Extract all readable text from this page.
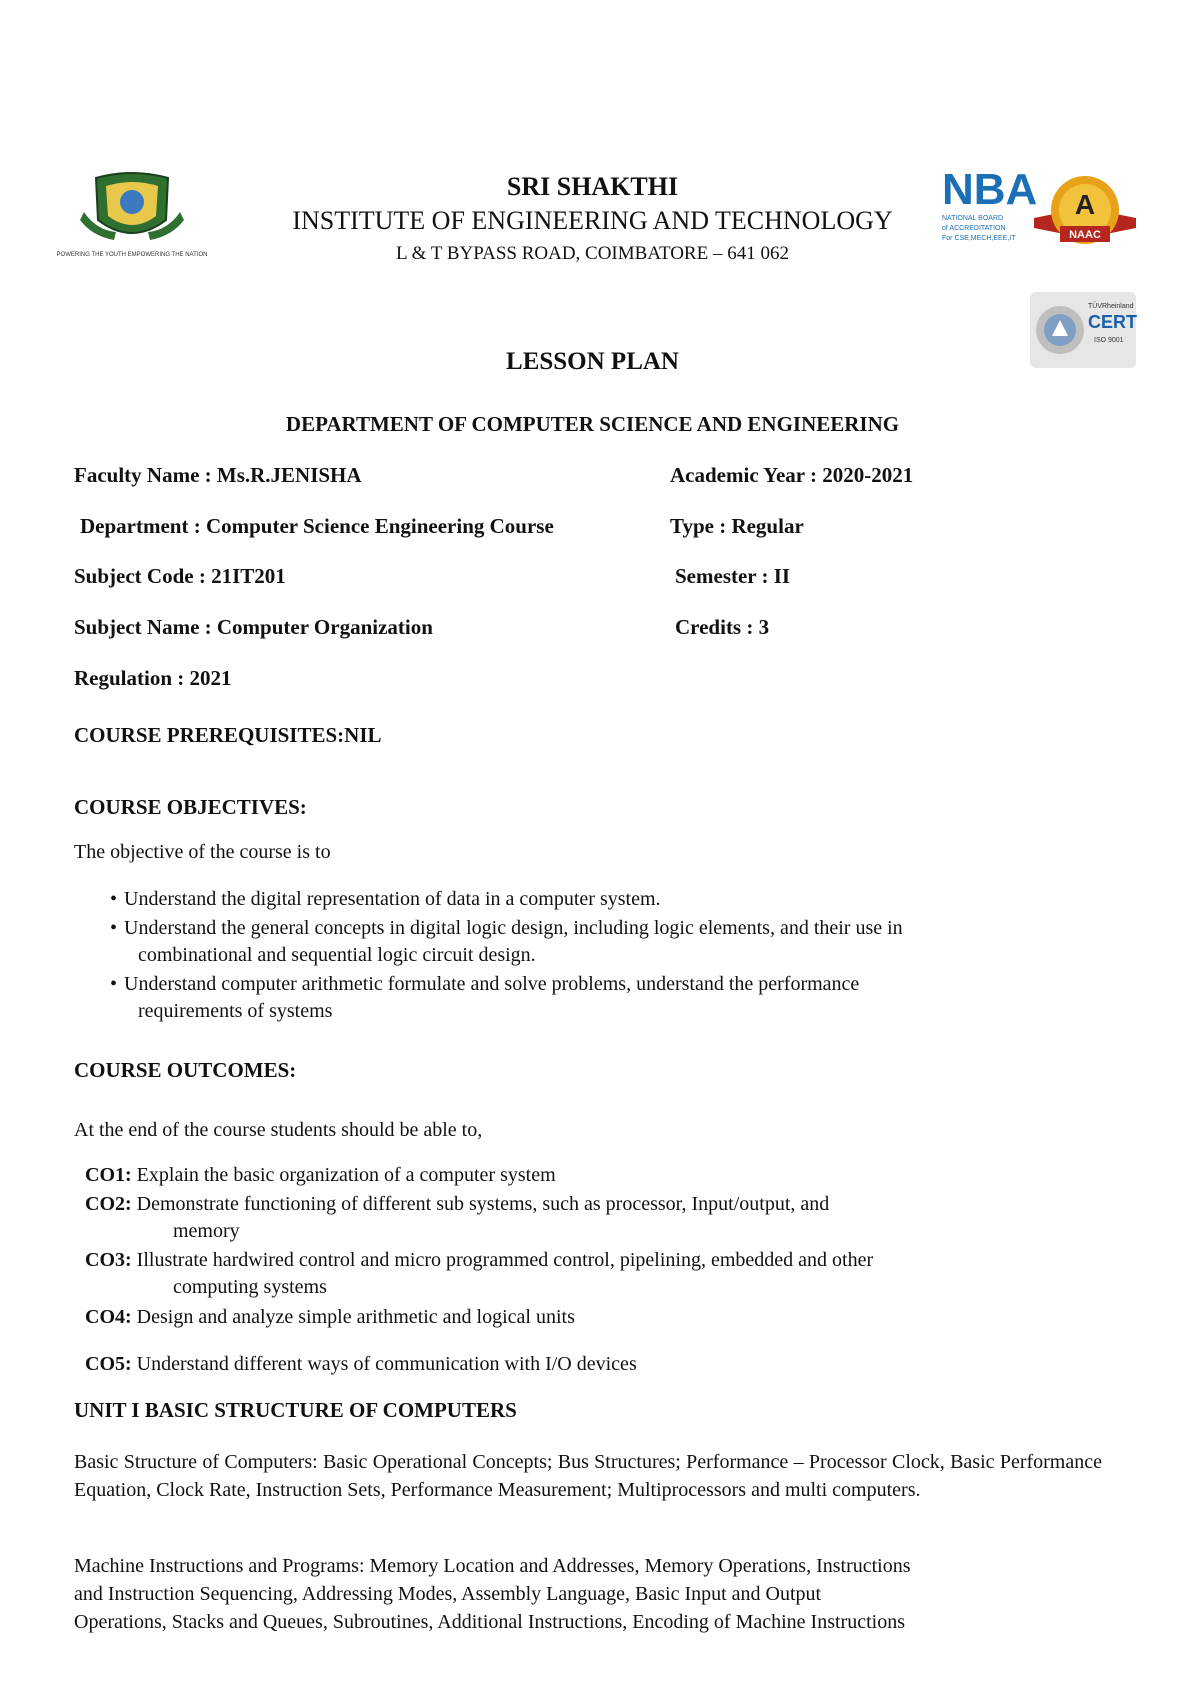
POWERING THE YOUTH EMPOWERING THE NATION
SRI SHAKTHI
INSTITUTE OF ENGINEERING AND TECHNOLOGY
L & T BYPASS ROAD, COIMBATORE – 641 062
NBA
NATIONAL BOARD
of ACCREDITATION
For CSE,MECH,EEE,IT
A
NAAC
TÜVRheinland
CERT
ISO 9001
LESSON PLAN
DEPARTMENT OF COMPUTER SCIENCE AND ENGINEERING
Faculty Name : Ms.R.JENISHA	Academic Year : 2020-2021
Department : Computer Science Engineering Course	Type : Regular
Subject Code : 21IT201	Semester : II
Subject Name : Computer Organization	Credits : 3
Regulation : 2021
COURSE PREREQUISITES:NIL
COURSE OBJECTIVES:
The objective of the course is to
• Understand the digital representation of data in a computer system.
• Understand the general concepts in digital logic design, including logic elements, and their use in
combinational and sequential logic circuit design.
• Understand computer arithmetic formulate and solve problems, understand the performance
requirements of systems
COURSE OUTCOMES:
At the end of the course students should be able to,
CO1: Explain the basic organization of a computer system
CO2: Demonstrate functioning of different sub systems, such as processor, Input/output, and
memory
CO3: Illustrate hardwired control and micro programmed control, pipelining, embedded and other
computing systems
CO4: Design and analyze simple arithmetic and logical units
CO5: Understand different ways of communication with I/O devices
UNIT I BASIC STRUCTURE OF COMPUTERS
Basic Structure of Computers: Basic Operational Concepts; Bus Structures; Performance – Processor Clock, Basic Performance Equation, Clock Rate, Instruction Sets, Performance Measurement; Multiprocessors and multi computers.
Machine Instructions and Programs: Memory Location and Addresses, Memory Operations, Instructions
and Instruction Sequencing, Addressing Modes, Assembly Language, Basic Input and Output
Operations, Stacks and Queues, Subroutines, Additional Instructions, Encoding of Machine Instructions
